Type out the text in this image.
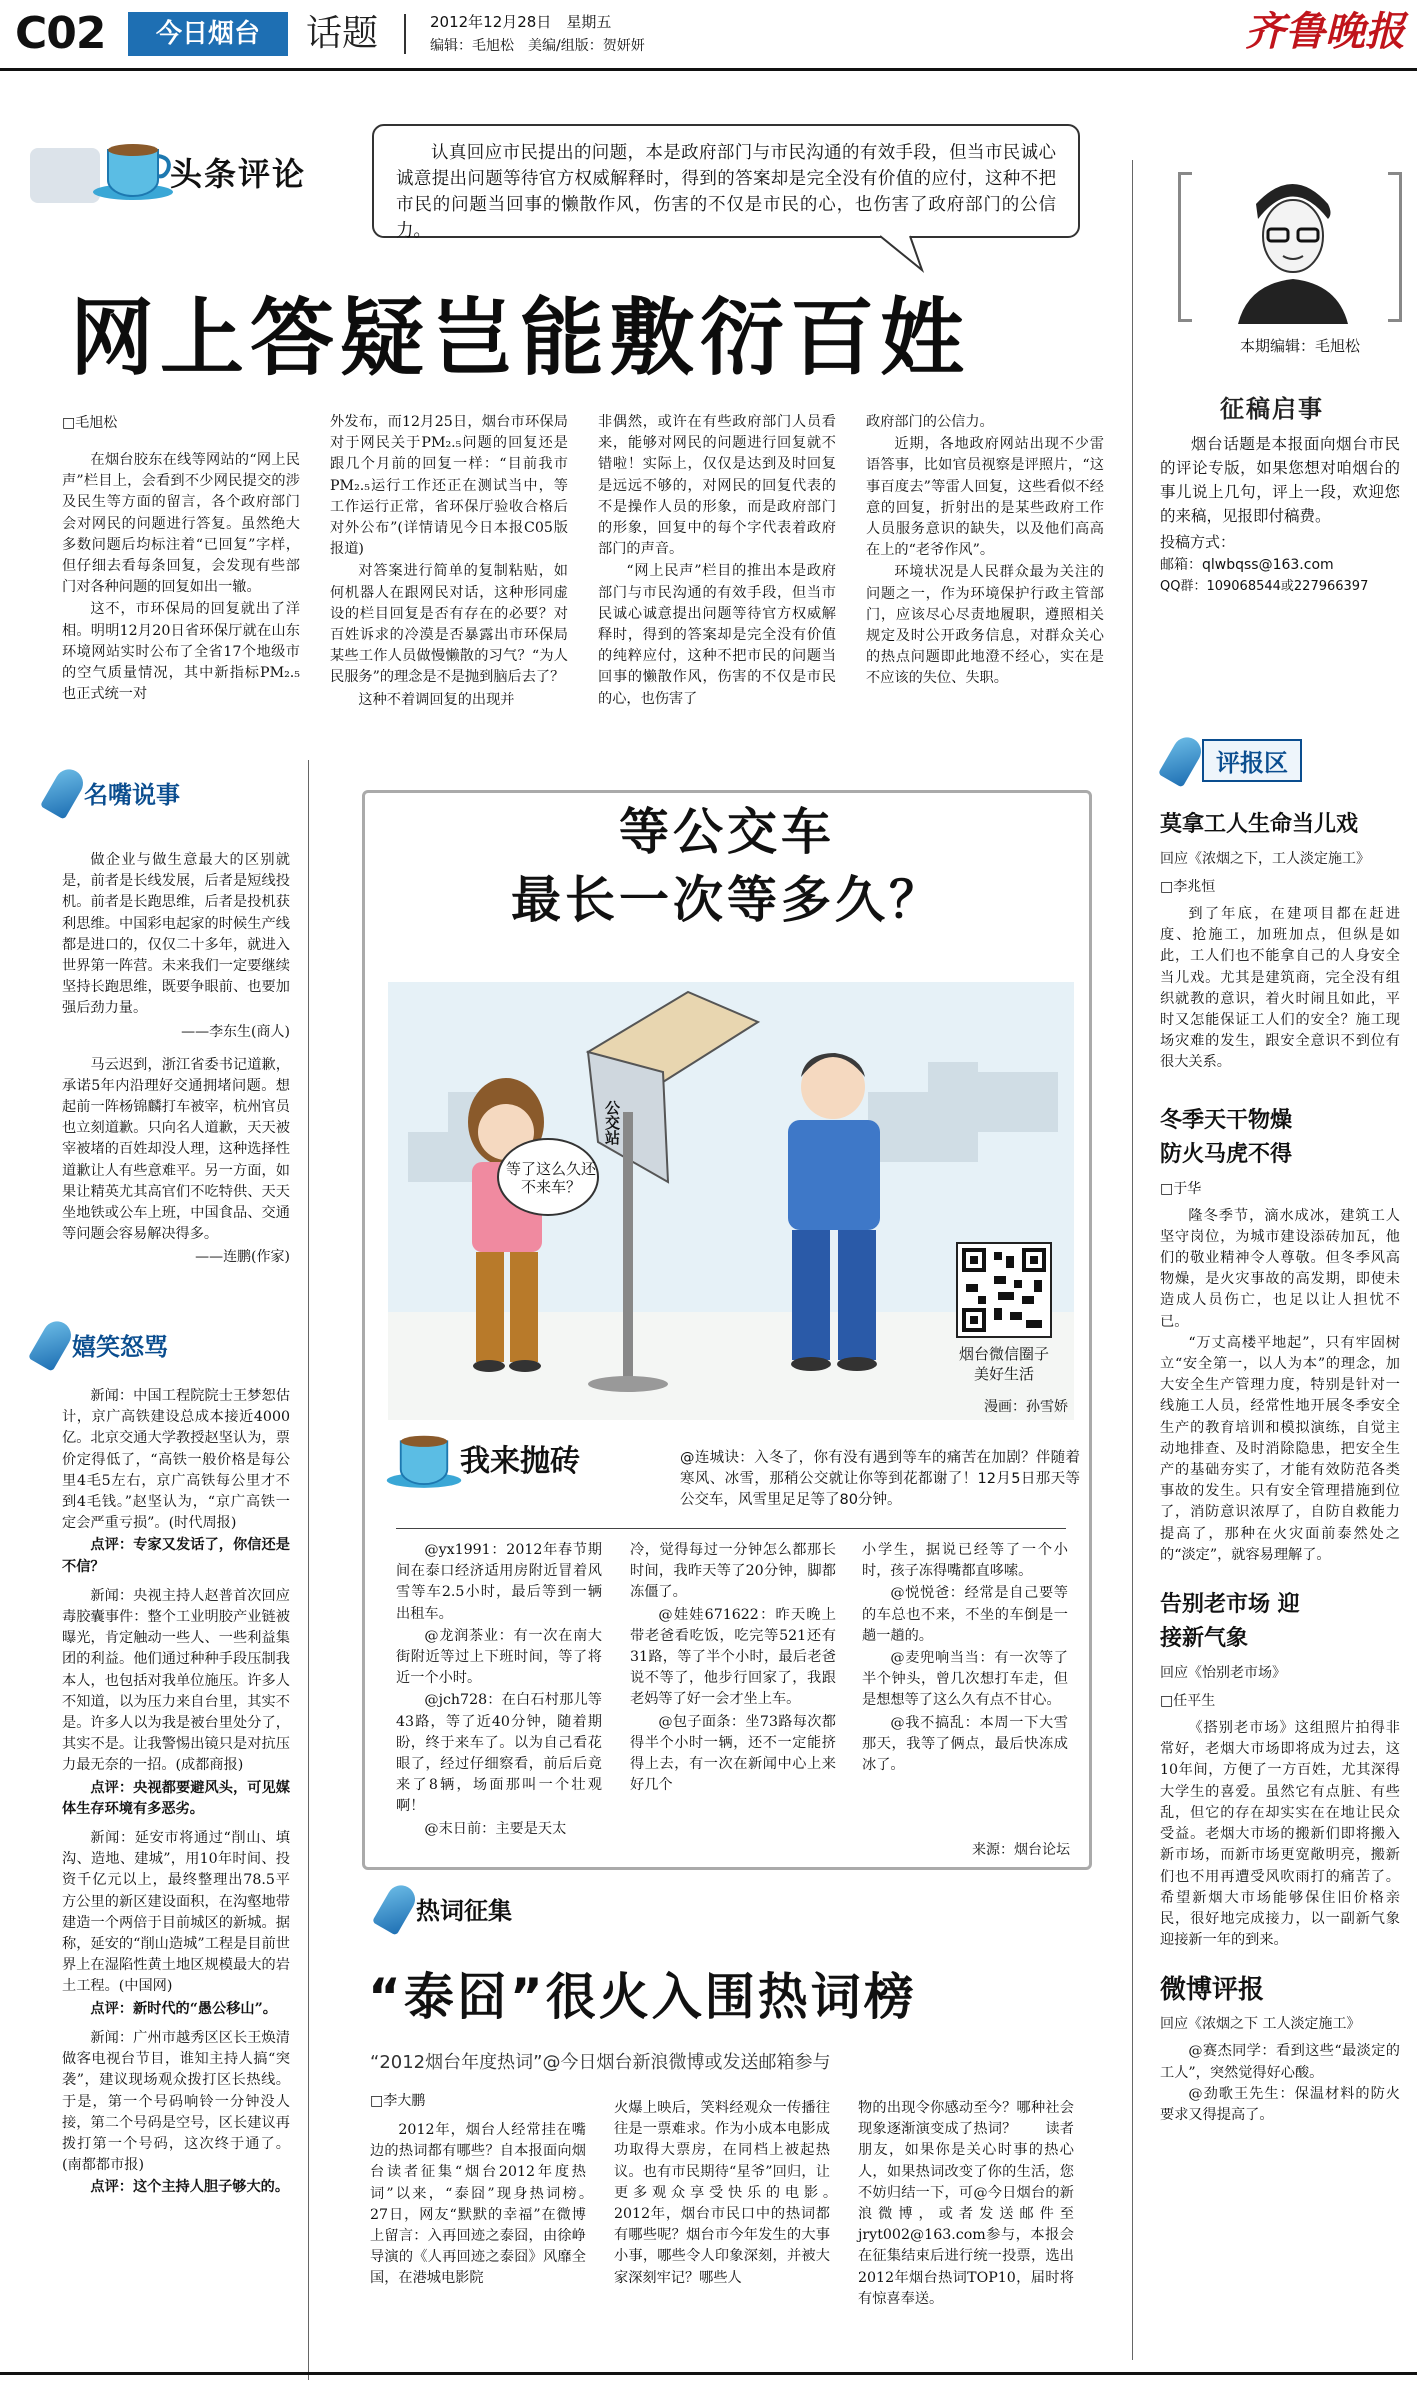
C02	今日烟台	话题	2012年12月28日　 星期五
编辑：毛旭松　美编/组版：贺妍妍	齐鲁晚报
头条评论
认真回应市民提出的问题，本是政府部门与市民沟通的有效手段，但当市民诚心诚意提出问题等待官方权威解释时，得到的答案却是完全没有价值的应付，这种不把市民的问题当回事的懒散作风，伤害的不仅是市民的心，也伤害了政府部门的公信力。
网上答疑岂能敷衍百姓	本期编辑：毛旭松
征稿启事
烟台话题是本报面向烟台市民的评论专版，如果您想对咱烟台的事儿说上几句，评上一段，欢迎您的来稿，见报即付稿费。
投稿方式：
邮箱：qlwbqss@163.com
QQ群：109068544或227966397
□毛旭松

在烟台胶东在线等网站的“网上民声”栏目上，会看到不少网民提交的涉及民生等方面的留言，各个政府部门会对网民的问题进行答复。虽然绝大多数问题后均标注着“已回复”字样，但仔细去看每条回复，会发现有些部门对各种问题的回复如出一辙。

这不，市环保局的回复就出了洋相。明明12月20日省环保厅就在山东环境网站实时公布了全省17个地级市的空气质量情况，其中新指标PM₂.₅也正式统一对

外发布，而12月25日，烟台市环保局对于网民关于PM₂.₅问题的回复还是跟几个月前的回复一样：“目前我市PM₂.₅运行工作还正在测试当中，等工作运行正常，省环保厅验收合格后对外公布”(详情请见今日本报C05版报道)

对答案进行简单的复制粘贴，如何机器人在跟网民对话，这种形同虚设的栏目回复是否有存在的必要？对百姓诉求的冷漠是否暴露出市环保局某些工作人员做慢懒散的习气？“为人民服务”的理念是不是抛到脑后去了？

这种不着调回复的出现并

非偶然，或许在有些政府部门人员看来，能够对网民的问题进行回复就不错啦！实际上，仅仅是达到及时回复是远远不够的，对网民的回复代表的不是操作人员的形象，而是政府部门的形象，回复中的每个字代表着政府部门的声音。

“网上民声”栏目的推出本是政府部门与市民沟通的有效手段，但当市民诚心诚意提出问题等待官方权威解释时，得到的答案却是完全没有价值的纯粹应付，这种不把市民的问题当回事的懒散作风，伤害的不仅是市民的心，也伤害了

政府部门的公信力。

近期，各地政府网站出现不少雷语答事，比如官员视察是评照片，“这事百度去”等雷人回复，这些看似不经意的回复，折射出的是某些政府工作人员服务意识的缺失，以及他们高高在上的“老爷作风”。

环境状况是人民群众最为关注的问题之一，作为环境保护行政主管部门，应该尽心尽责地履职，遵照相关规定及时公开政务信息，对群众关心的热点问题即此地澄不经心，实在是不应该的失位、失职。

名嘴说事

做企业与做生意最大的区别就是，前者是长线发展，后者是短线投机。前者是长跑思维，后者是投机获利思维。中国彩电起家的时候生产线都是进口的，仅仅二十多年，就进入世界第一阵营。未来我们一定要继续坚持长跑思维，既要争眼前、也要加强后劲力量。

——李东生(商人)

马云迟到，浙江省委书记道歉，承诺5年内沿理好交通拥堵问题。想起前一阵杨锦麟打车被宰，杭州官员也立刻道歉。只向名人道歉，天天被宰被堵的百姓却没人理，这种选择性道歉让人有些意难平。另一方面，如果让精英尤其高官们不吃特供、天天坐地铁或公车上班，中国食品、交通等问题会容易解决得多。

——连鹏(作家)
嬉笑怒骂

新闻：中国工程院院士王梦恕估计，京广高铁建设总成本接近4000亿。北京交通大学教授赵坚认为，票价定得低了，“高铁一般价格是每公里4毛5左右，京广高铁每公里才不到4毛钱。”赵坚认为，“京广高铁一定会严重亏损”。(时代周报)

点评：专家又发话了，你信还是不信？

新闻：央视主持人赵普首次回应毒胶囊事件：整个工业明胶产业链被曝光，肯定触动一些人、一些利益集团的利益。他们通过种种手段压制我本人，也包括对我单位施压。许多人不知道，以为压力来自台里，其实不是。许多人以为我是被台里处分了，其实不是。让我警惕出镜只是对抗压力最无奈的一招。(成都商报)

点评：央视都要避风头，可见媒体生存环境有多恶劣。

新闻：延安市将通过“削山、填沟、造地、建城”，用10年时间、投资千亿元以上，最终整理出78.5平方公里的新区建设面积，在沟壑地带建造一个两倍于目前城区的新城。据称，延安的“削山造城”工程是目前世界上在湿陷性黄土地区规模最大的岩土工程。(中国网)

点评：新时代的“愚公移山”。

新闻：广州市越秀区区长王焕清做客电视台节目，谁知主持人搞“突袭”，建议现场观众拨打区长热线。于是，第一个号码响铃一分钟没人接，第二个号码是空号，区长建议再拨打第一个号码，这次终于通了。(南都都市报)

点评：这个主持人胆子够大的。

等公交车
最长一次等多久？
公交站
等了这么久还不来车？
烟台微信圈子
美好生活
漫画：孙雪娇
我来抛砖	@连城诀：入冬了，你有没有遇到等车的痛苦在加剧？伴随着寒风、冰雪，那稍公交就让你等到花都谢了！12月5日那天等公交车，风雪里足足等了80分钟。

@yx1991：2012年春节期间在泰口经济适用房附近冒着风雪等车2.5小时，最后等到一辆出租车。

@龙润茶业：有一次在南大街附近等过上下班时间，等了将近一个小时。

@jch728：在白石村那儿等43路，等了近40分钟，随着期盼，终于来车了。以为自己看花眼了，经过仔细察看，前后后竟来了8辆，场面那叫一个壮观啊！

@末日前：主要是天太

冷，觉得每过一分钟怎么都那长时间，我昨天等了20分钟，脚都冻僵了。

@娃娃671622：昨天晚上带老爸看吃饭，吃完等521还有31路，等了半个小时，最后老爸说不等了，他步行回家了，我跟老妈等了好一会才坐上车。

@包子面条：坐73路每次都得半个小时一辆，还不一定能挤得上去，有一次在新闻中心上来好几个

小学生，据说已经等了一个小时，孩子冻得嘴都直哆嗦。

@悦悦爸：经常是自己要等的车总也不来，不坐的车倒是一趟一趟的。

@麦兜响当当：有一次等了半个钟头，曾几次想打车走，但是想想等了这么久有点不甘心。

@我不搞乱：本周一下大雪那天，我等了俩点，最后快冻成冰了。

来源：烟台论坛
热词征集
“泰囧”很火入围热词榜
“2012烟台年度热词”@今日烟台新浪微博或发送邮箱参与
□李大鹏

2012年，烟台人经常挂在嘴边的热词都有哪些？自本报面向烟台读者征集“烟台2012年度热词”以来，“泰囧”现身热词榜。　　27日，网友“默默的幸福”在微博上留言：入再回迹之泰囧，由徐峥导演的《人再回迹之泰囧》风靡全国，在港城电影院

火爆上映后，笑料经观众一传播往往是一票难求。作为小成本电影成功取得大票房，在同档上被起热议。也有市民期待“星爷”回归，让更多观众享受快乐的电影。　　2012年，烟台市民口中的热词都有哪些呢？烟台市今年发生的大事小事，哪些令人印象深刻，并被大家深刻牢记？哪些人

物的出现令你感动至今？哪种社会现象逐渐演变成了热词？　　读者朋友，如果你是关心时事的热心人，如果热词改变了你的生活，您不妨归结一下，可@今日烟台的新浪微博，或者发送邮件至jryt002@163.com参与，本报会在征集结束后进行统一投票，选出2012年烟台热词TOP10，届时将有惊喜奉送。

评报区
莫拿工人生命当儿戏
回应《浓烟之下，工人淡定施工》
□李兆恒

到了年底，在建项目都在赶进度、抢施工，加班加点，但纵是如此，工人们也不能拿自己的人身安全当儿戏。尤其是建筑商，完全没有组织就教的意识，着火时闹且如此，平时又怎能保证工人们的安全？施工现场灾难的发生，跟安全意识不到位有很大关系。

冬季天干物燥 防火马虎不得
□于华

隆冬季节，滴水成冰，建筑工人坚守岗位，为城市建设添砖加瓦，他们的敬业精神令人尊敬。但冬季风高物燥，是火灾事故的高发期，即使未造成人员伤亡，也足以让人担忧不已。

“万丈高楼平地起”，只有牢固树立“安全第一，以人为本”的理念，加大安全生产管理力度，特别是针对一线施工人员，经常性地开展冬季安全生产的教育培训和模拟演练，自觉主动地排查、及时消除隐患，把安全生产的基础夯实了，才能有效防范各类事故的发生。只有安全管理措施到位了，消防意识浓厚了，自防自救能力提高了，那种在火灾面前泰然处之的“淡定”，就容易理解了。

告别老市场 迎接新气象
回应《怡别老市场》
□任平生

《搭别老市场》这组照片拍得非常好，老烟大市场即将成为过去，这10年间，方便了一方百姓，尤其深得大学生的喜爱。虽然它有点脏、有些乱，但它的存在却实实在在地让民众受益。老烟大市场的搬新们即将搬入新市场，而新市场更宽敞明亮，搬新们也不用再遭受风吹雨打的痛苦了。希望新烟大市场能够保住旧价格亲民，很好地完成接力，以一副新气象迎接新一年的到来。

微博评报
回应《浓烟之下 工人淡定施工》

@赛杰同学：看到这些“最淡定的工人”，突然觉得好心酸。

@劲歌王先生：保温材料的防火要求又得提高了。
